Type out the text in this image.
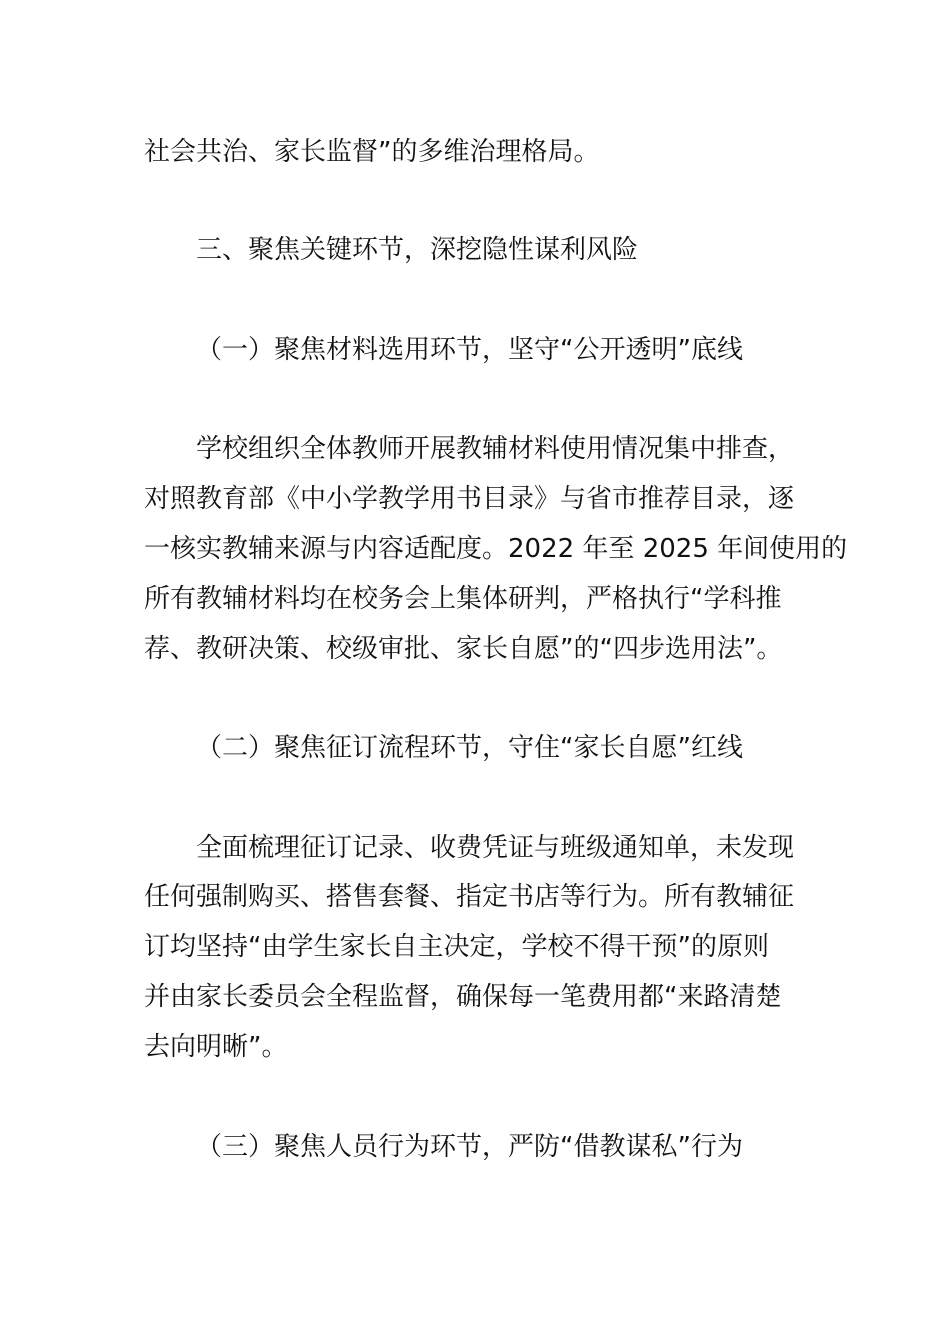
社会共治、家长监督”的多维治理格局。
三、聚焦关键环节，深挖隐性谋利风险
（一）聚焦材料选用环节，坚守“公开透明”底线
学校组织全体教师开展教辅材料使用情况集中排查，
对照教育部《中小学教学用书目录》与省市推荐目录，逐
一核实教辅来源与内容适配度。2022 年至 2025 年间使用的
所有教辅材料均在校务会上集体研判，严格执行“学科推
荐、教研决策、校级审批、家长自愿”的“四步选用法”。
（二）聚焦征订流程环节，守住“家长自愿”红线
全面梳理征订记录、收费凭证与班级通知单，未发现
任何强制购买、搭售套餐、指定书店等行为。所有教辅征
订均坚持“由学生家长自主决定，学校不得干预”的原则
并由家长委员会全程监督，确保每一笔费用都“来路清楚
去向明晰”。
（三）聚焦人员行为环节，严防“借教谋私”行为
